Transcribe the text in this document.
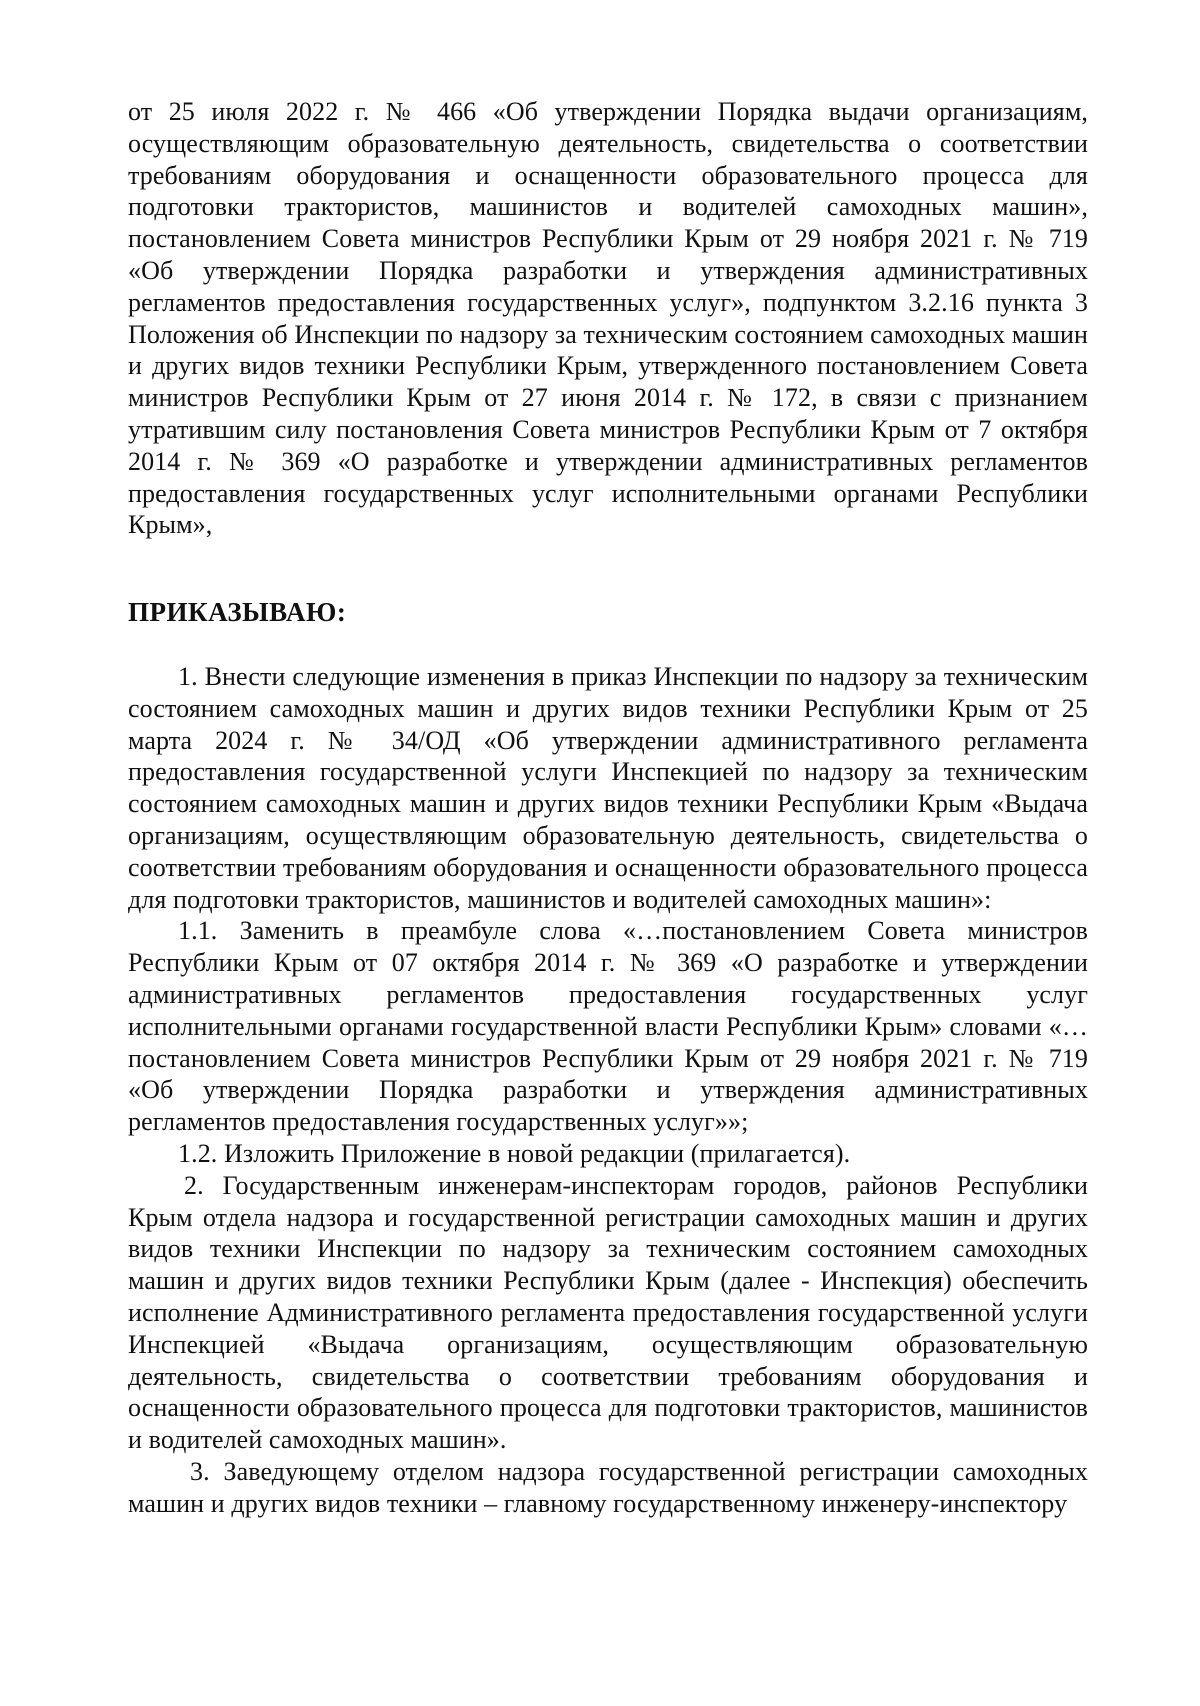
от 25 июля 2022 г. № 466 «Об утверждении Порядка выдачи организациям, осуществляющим образовательную деятельность, свидетельства о соответствии требованиям оборудования и оснащенности образовательного процесса для подготовки трактористов, машинистов и водителей самоходных машин», постановлением Совета министров Республики Крым от 29 ноября 2021 г. № 719 «Об утверждении Порядка разработки и утверждения административных регламентов предоставления государственных услуг», подпунктом 3.2.16 пункта 3 Положения об Инспекции по надзору за техническим состоянием самоходных машин и других видов техники Республики Крым, утвержденного постановлением Совета министров Республики Крым от 27 июня 2014 г. № 172, в связи с признанием утратившим силу постановления Совета министров Республики Крым от 7 октября 2014 г. № 369 «О разработке и утверждении административных регламентов предоставления государственных услуг исполнительными органами Республики Крым»,

ПРИКАЗЫВАЮ:

1. Внести следующие изменения в приказ Инспекции по надзору за техническим состоянием самоходных машин и других видов техники Республики Крым от 25 марта 2024 г. № 34/ОД «Об утверждении административного регламента предоставления государственной услуги Инспекцией по надзору за техническим состоянием самоходных машин и других видов техники Республики Крым «Выдача организациям, осуществляющим образовательную деятельность, свидетельства о соответствии требованиям оборудования и оснащенности образовательного процесса для подготовки трактористов, машинистов и водителей самоходных машин»:

1.1. Заменить в преамбуле слова «…постановлением Совета министров Республики Крым от 07 октября 2014 г. № 369 «О разработке и утверждении административных регламентов предоставления государственных услуг исполнительными органами государственной власти Республики Крым» словами «…постановлением Совета министров Республики Крым от 29 ноября 2021 г. № 719 «Об утверждении Порядка разработки и утверждения административных регламентов предоставления государственных услуг»»;

1.2. Изложить Приложение в новой редакции (прилагается).

2. Государственным инженерам-инспекторам городов, районов Республики Крым отдела надзора и государственной регистрации самоходных машин и других видов техники Инспекции по надзору за техническим состоянием самоходных машин и других видов техники Республики Крым (далее - Инспекция) обеспечить исполнение Административного регламента предоставления государственной услуги Инспекцией «Выдача организациям, осуществляющим образовательную деятельность, свидетельства о соответствии требованиям оборудования и оснащенности образовательного процесса для подготовки трактористов, машинистов и водителей самоходных машин».

3. Заведующему отделом надзора государственной регистрации самоходных машин и других видов техники – главному государственному инженеру-инспектору
